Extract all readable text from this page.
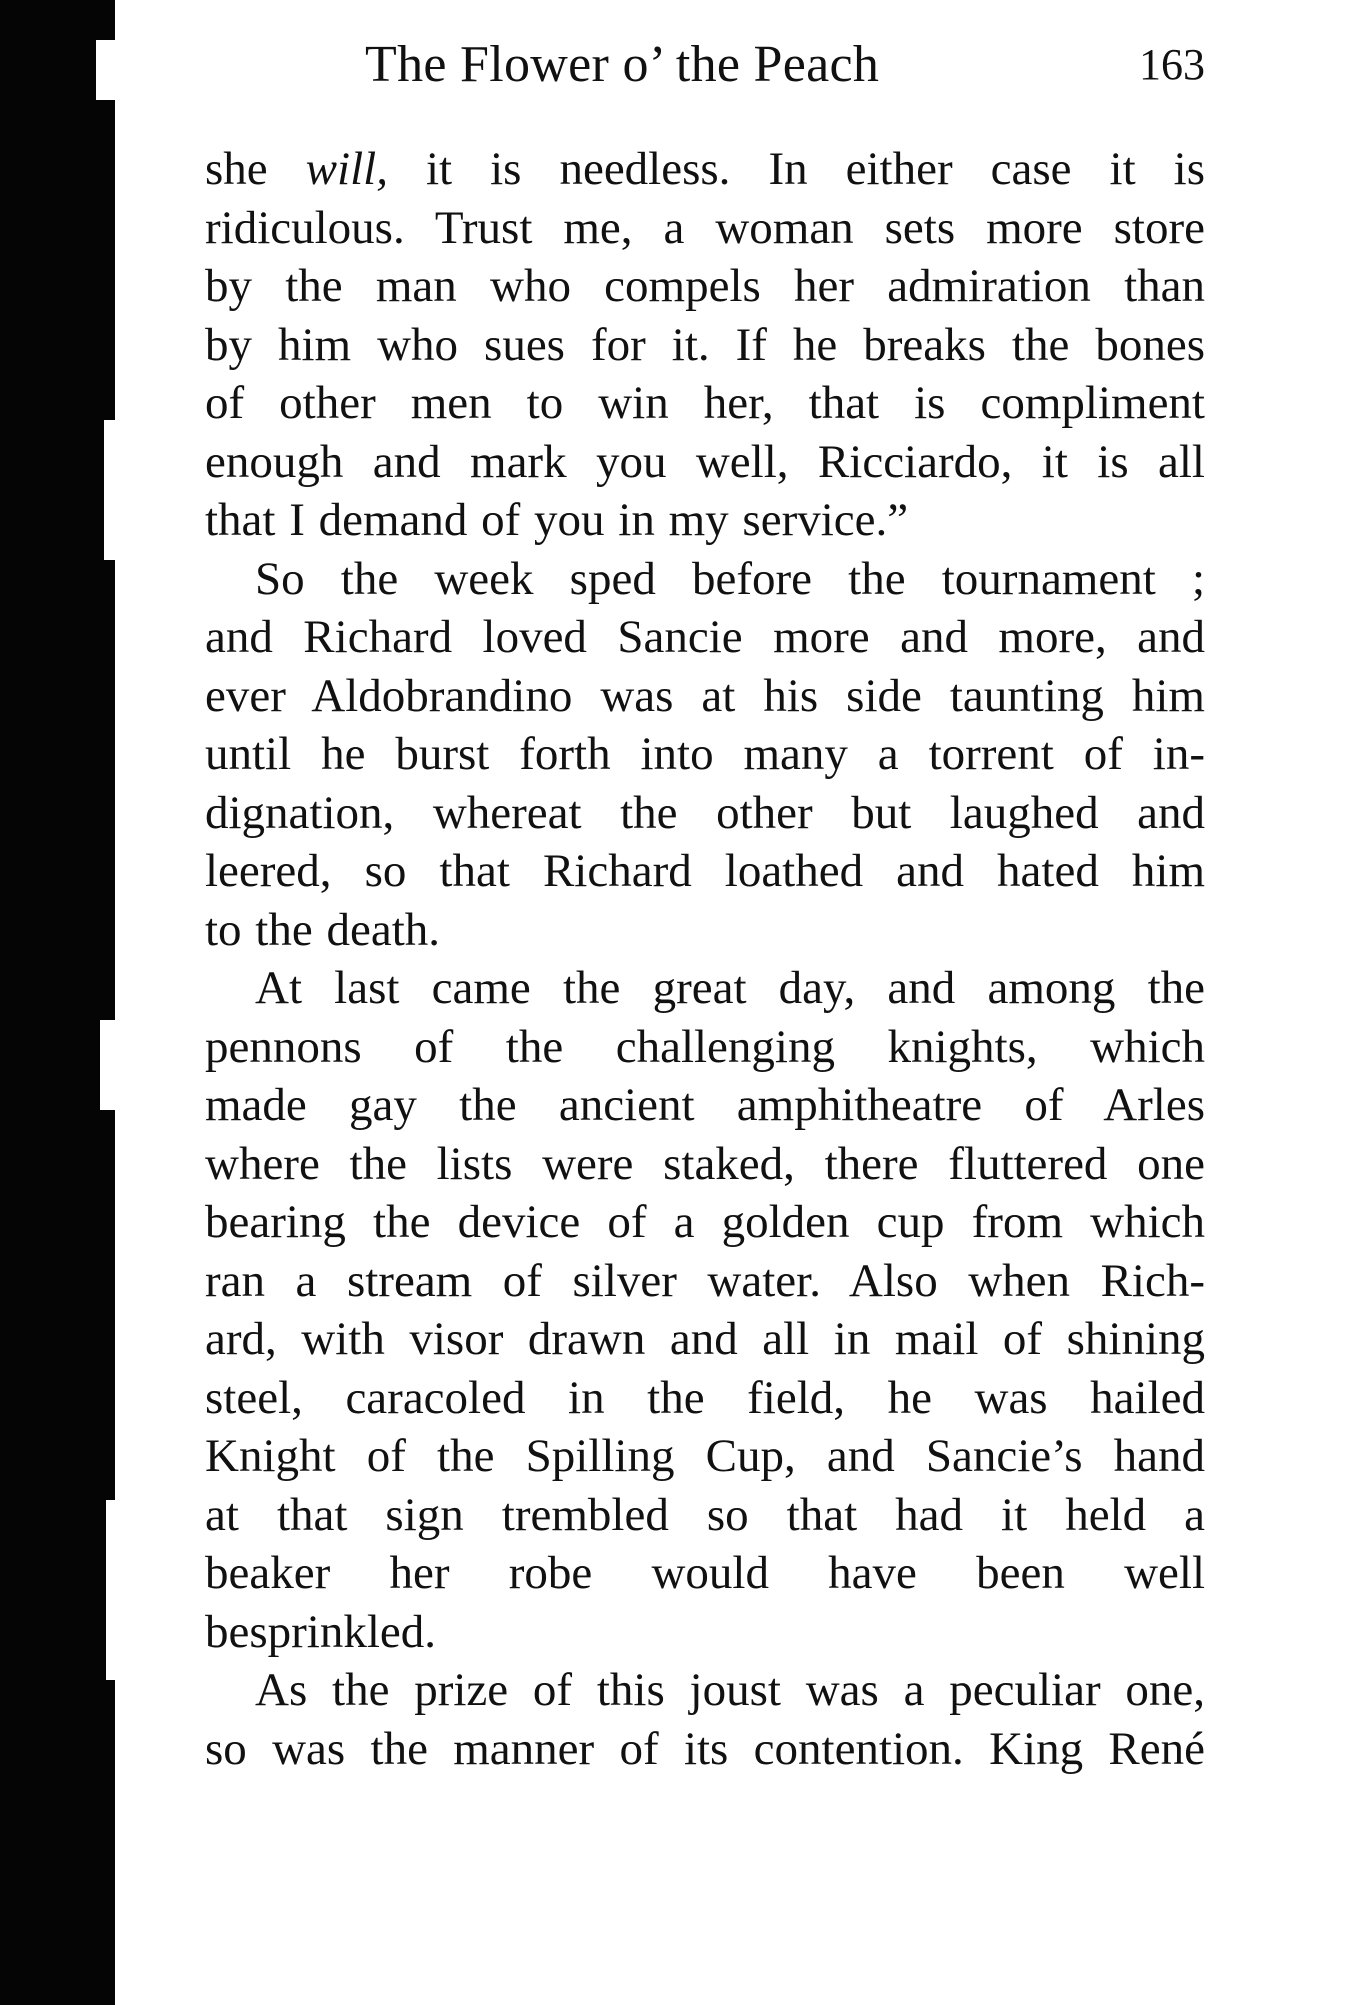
The Flower o’ the Peach	163
she will, it is needless. In either case it is
ridiculous. Trust me, a woman sets more store
by the man who compels her admiration than
by him who sues for it. If he breaks the bones
of other men to win her, that is compliment
enough and mark you well, Ricciardo, it is all
that I demand of you in my service.”
So the week sped before the tournament ;
and Richard loved Sancie more and more, and
ever Aldobrandino was at his side taunting him
until he burst forth into many a torrent of in-
dignation, whereat the other but laughed and
leered, so that Richard loathed and hated him
to the death.
At last came the great day, and among the
pennons of the challenging knights, which
made gay the ancient amphitheatre of Arles
where the lists were staked, there fluttered one
bearing the device of a golden cup from which
ran a stream of silver water. Also when Rich-
ard, with visor drawn and all in mail of shining
steel, caracoled in the field, he was hailed
Knight of the Spilling Cup, and Sancie’s hand
at that sign trembled so that had it held a
beaker her robe would have been well
besprinkled.
As the prize of this joust was a peculiar one,
so was the manner of its contention. King René
